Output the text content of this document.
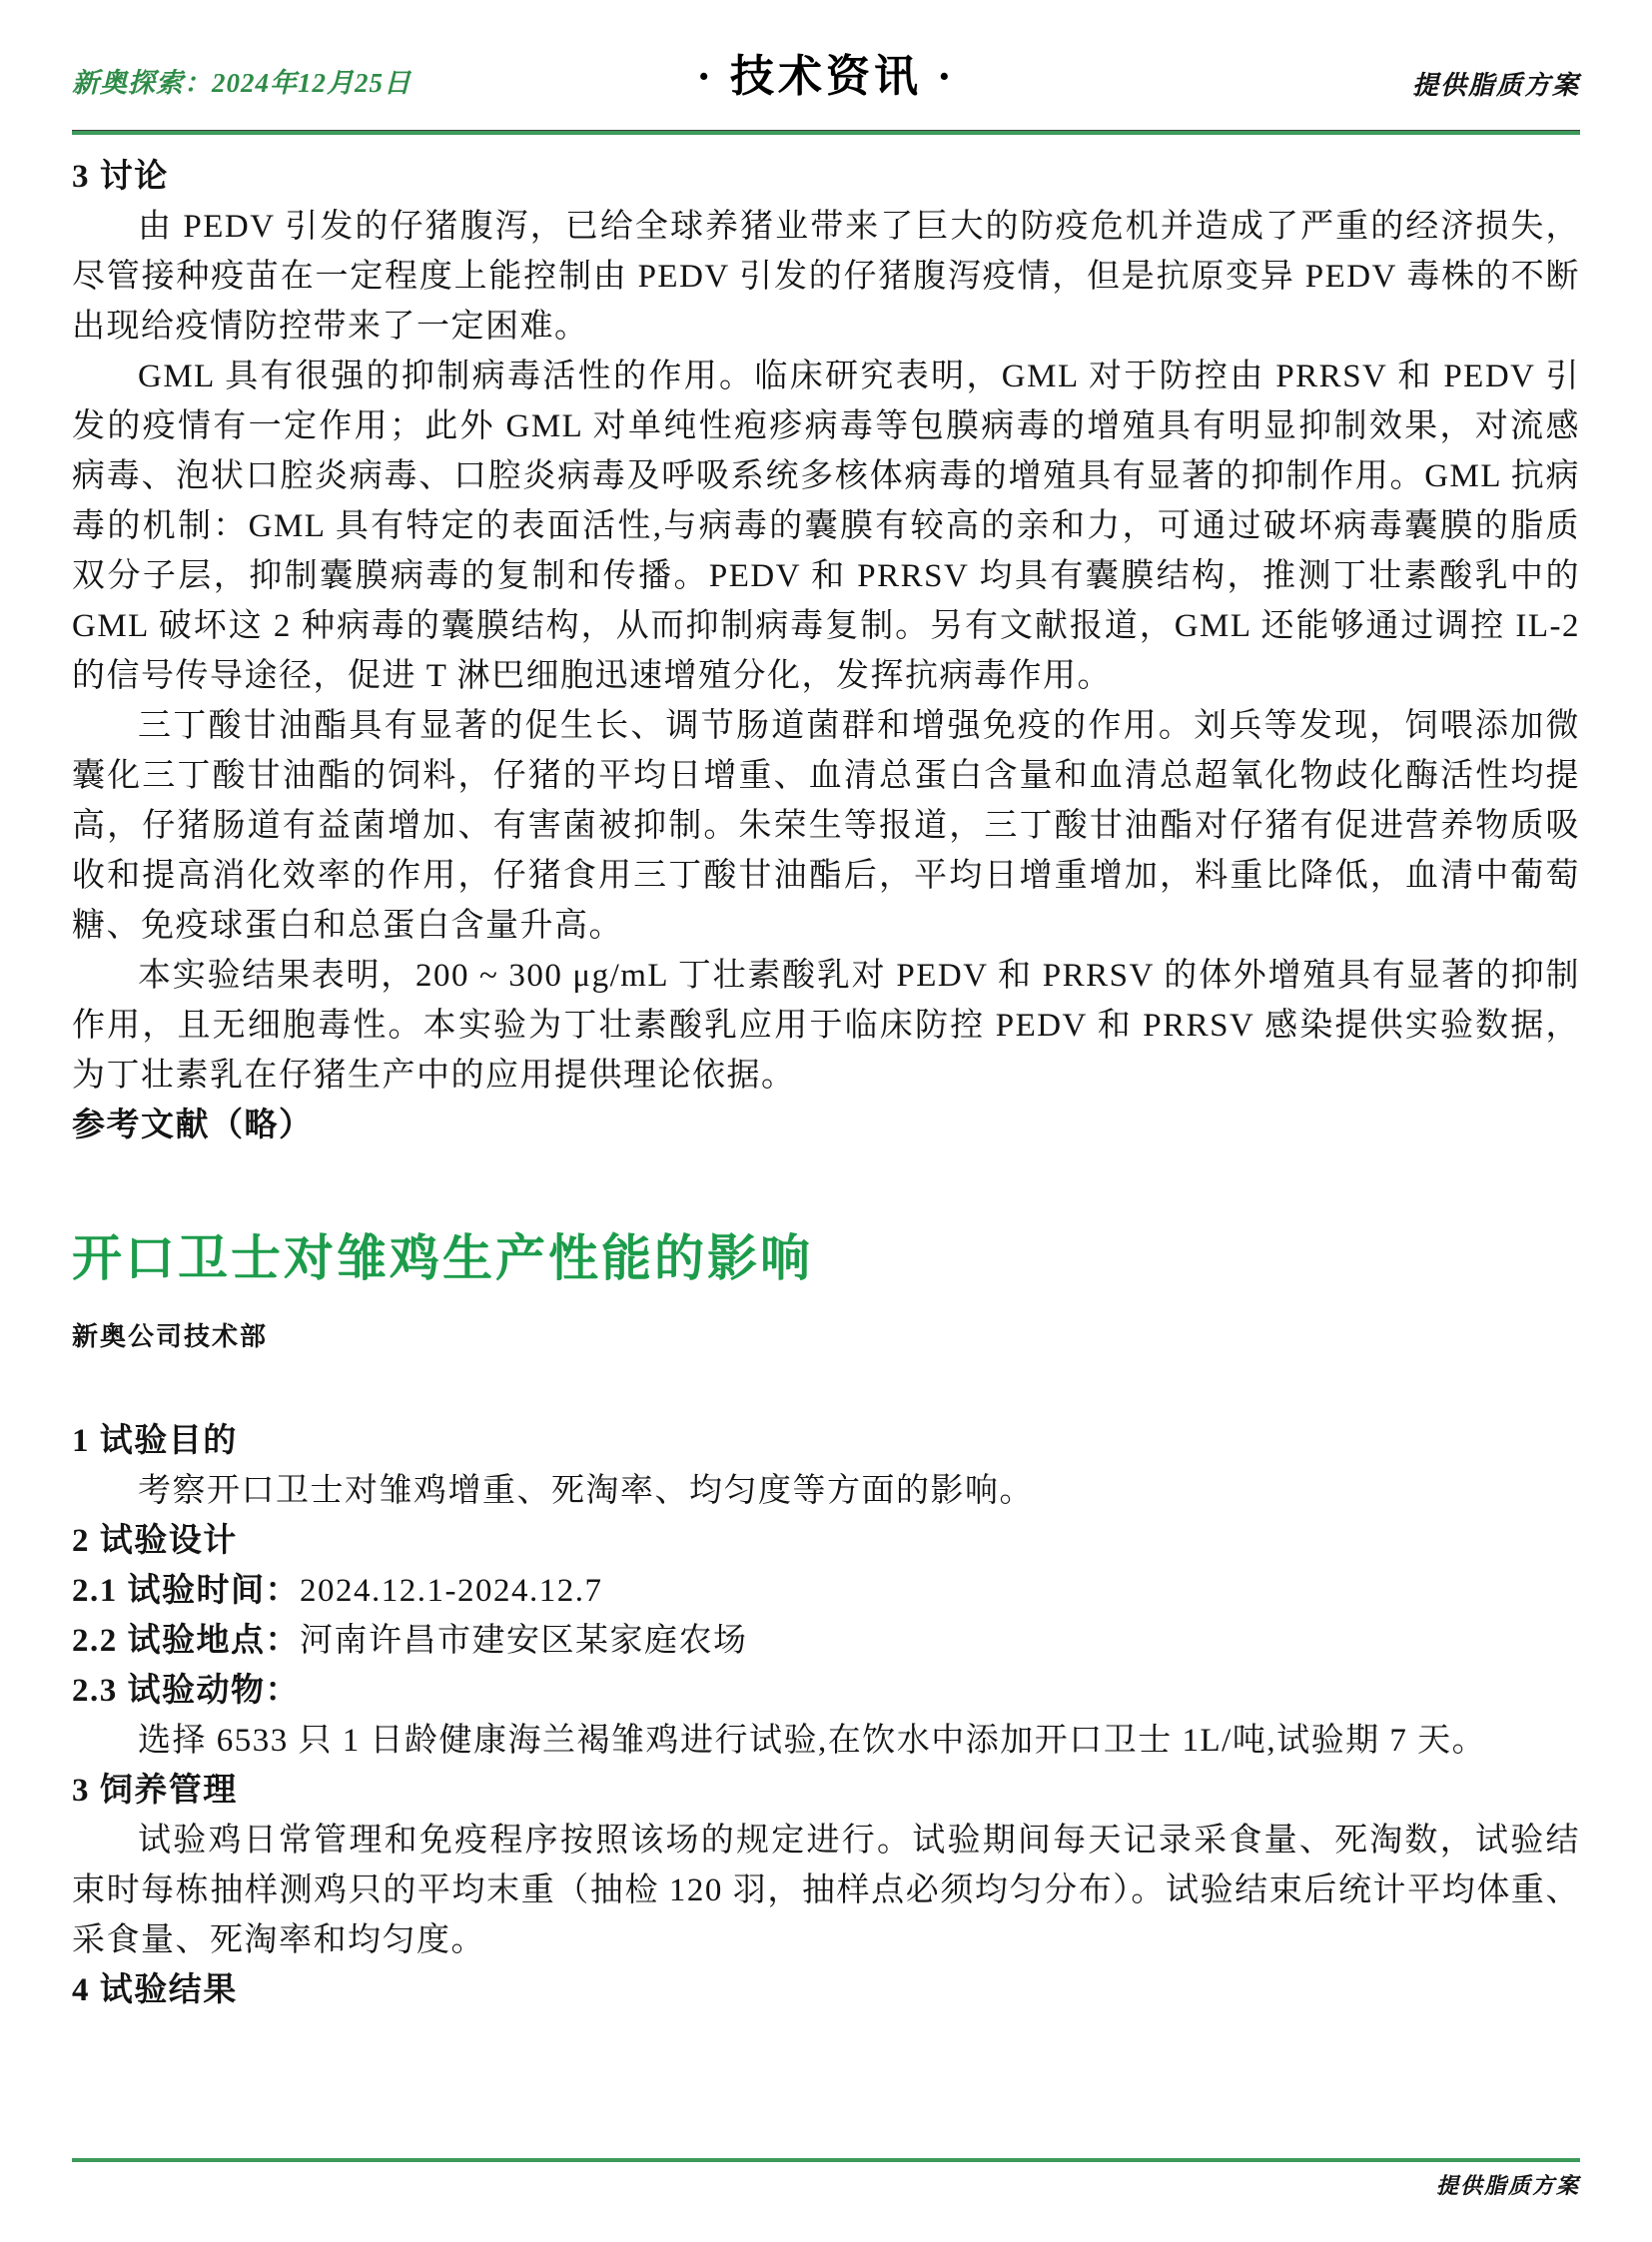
新奥探索：2024年12月25日	· 技术资讯 ·	提供脂质方案
3 讨论
由 PEDV 引发的仔猪腹泻，已给全球养猪业带来了巨大的防疫危机并造成了严重的经济损失，尽管接种疫苗在一定程度上能控制由 PEDV 引发的仔猪腹泻疫情，但是抗原变异 PEDV 毒株的不断出现给疫情防控带来了一定困难。
GML 具有很强的抑制病毒活性的作用。临床研究表明，GML 对于防控由 PRRSV 和 PEDV 引发的疫情有一定作用；此外 GML 对单纯性疱疹病毒等包膜病毒的增殖具有明显抑制效果，对流感病毒、泡状口腔炎病毒、口腔炎病毒及呼吸系统多核体病毒的增殖具有显著的抑制作用。GML 抗病毒的机制：GML 具有特定的表面活性,与病毒的囊膜有较高的亲和力，可通过破坏病毒囊膜的脂质双分子层，抑制囊膜病毒的复制和传播。PEDV 和 PRRSV 均具有囊膜结构，推测丁壮素酸乳中的 GML 破坏这 2 种病毒的囊膜结构，从而抑制病毒复制。另有文献报道，GML 还能够通过调控 IL-2 的信号传导途径，促进 T 淋巴细胞迅速增殖分化，发挥抗病毒作用。
三丁酸甘油酯具有显著的促生长、调节肠道菌群和增强免疫的作用。刘兵等发现，饲喂添加微囊化三丁酸甘油酯的饲料，仔猪的平均日增重、血清总蛋白含量和血清总超氧化物歧化酶活性均提高，仔猪肠道有益菌增加、有害菌被抑制。朱荣生等报道，三丁酸甘油酯对仔猪有促进营养物质吸收和提高消化效率的作用，仔猪食用三丁酸甘油酯后，平均日增重增加，料重比降低，血清中葡萄糖、免疫球蛋白和总蛋白含量升高。
本实验结果表明，200 ~ 300 μg/mL 丁壮素酸乳对 PEDV 和 PRRSV 的体外增殖具有显著的抑制作用，且无细胞毒性。本实验为丁壮素酸乳应用于临床防控 PEDV 和 PRRSV 感染提供实验数据，为丁壮素乳在仔猪生产中的应用提供理论依据。
参考文献（略）
开口卫士对雏鸡生产性能的影响
新奥公司技术部
1 试验目的
考察开口卫士对雏鸡增重、死淘率、均匀度等方面的影响。
2 试验设计
2.1 试验时间：2024.12.1-2024.12.7
2.2 试验地点：河南许昌市建安区某家庭农场
2.3 试验动物：
选择 6533 只 1 日龄健康海兰褐雏鸡进行试验,在饮水中添加开口卫士 1L/吨,试验期 7 天。
3 饲养管理
试验鸡日常管理和免疫程序按照该场的规定进行。试验期间每天记录采食量、死淘数，试验结束时每栋抽样测鸡只的平均末重（抽检 120 羽，抽样点必须均匀分布）。试验结束后统计平均体重、采食量、死淘率和均匀度。
4 试验结果
提供脂质方案
